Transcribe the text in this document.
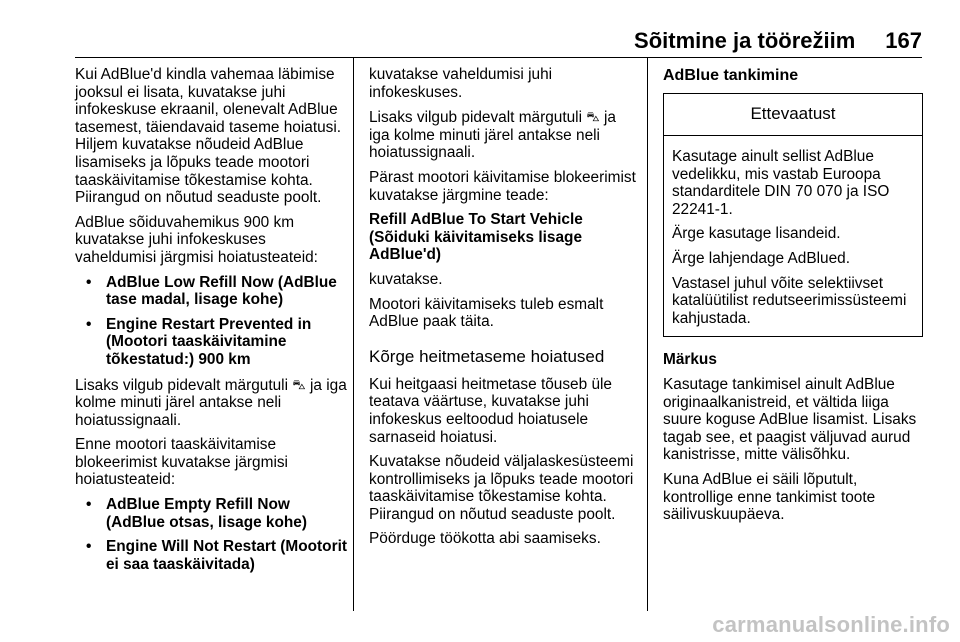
Sõitmine ja töörežiim 167

Kui AdBlue'd kindla vahemaa läbimise jooksul ei lisata, kuvatakse juhi infokeskuse ekraanil, olenevalt AdBlue tasemest, täiendavaid taseme hoiatusi. Hiljem kuvatakse nõudeid AdBlue lisamiseks ja lõpuks teade mootori taaskäivitamise tõkestamise kohta. Piirangud on nõutud seaduste poolt.

AdBlue sõiduvahemikus 900 km kuvatakse juhi infokeskuses vaheldumisi järgmisi hoiatusteateid:

• AdBlue Low Refill Now (AdBlue tase madal, lisage kohe)
• Engine Restart Prevented in (Mootori taaskäivitamine tõkestatud:) 900 km

Lisaks vilgub pidevalt märgutuli ⛍ ja iga kolme minuti järel antakse neli hoiatussignaali.

Enne mootori taaskäivitamise blokeerimist kuvatakse järgmisi hoiatusteateid:

• AdBlue Empty Refill Now (AdBlue otsas, lisage kohe)
• Engine Will Not Restart (Mootorit ei saa taaskäivitada)

kuvatakse vaheldumisi juhi infokeskuses.

Lisaks vilgub pidevalt märgutuli ⛍ ja iga kolme minuti järel antakse neli hoiatussignaali.

Pärast mootori käivitamise blokeerimist kuvatakse järgmine teade:

Refill AdBlue To Start Vehicle (Sõiduki käivitamiseks lisage AdBlue'd)

kuvatakse.

Mootori käivitamiseks tuleb esmalt AdBlue paak täita.

Kõrge heitmetaseme hoiatused

Kui heitgaasi heitmetase tõuseb üle teatava väärtuse, kuvatakse juhi infokeskus eeltoodud hoiatusele sarnaseid hoiatusi.

Kuvatakse nõudeid väljalaskesüsteemi kontrollimiseks ja lõpuks teade mootori taaskäivitamise tõkestamise kohta. Piirangud on nõutud seaduste poolt.

Pöörduge töökotta abi saamiseks.

AdBlue tankimine
Ettevaatust

Kasutage ainult sellist AdBlue vedelikku, mis vastab Euroopa standarditele DIN 70 070 ja ISO 22241-1.

Ärge kasutage lisandeid.

Ärge lahjendage AdBlued.

Vastasel juhul võite selektiivset katalüütilist redutseerimissüsteemi kahjustada.

Märkus

Kasutage tankimisel ainult AdBlue originaalkanistreid, et vältida liiga suure koguse AdBlue lisamist. Lisaks tagab see, et paagist väljuvad aurud kanistrisse, mitte välisõhku.

Kuna AdBlue ei säili lõputult, kontrollige enne tankimist toote säilivuskuupäeva.

carmanualsonline.info
